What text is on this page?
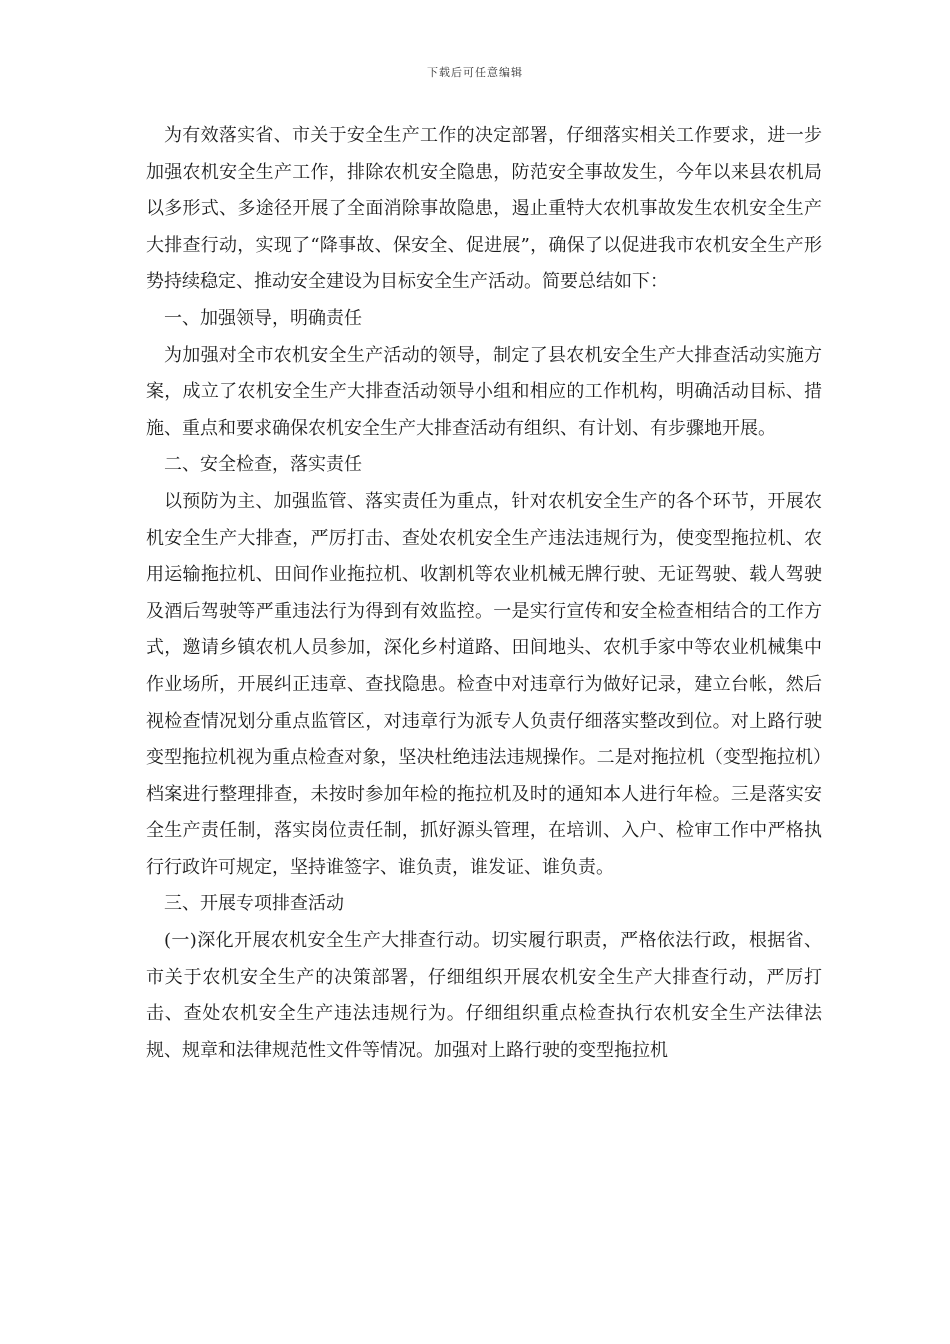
下载后可任意编辑

为有效落实省、市关于安全生产工作的决定部署，仔细落实相关工作要求，进一步加强农机安全生产工作，排除农机安全隐患，防范安全事故发生，今年以来县农机局以多形式、多途径开展了全面消除事故隐患，遏止重特大农机事故发生农机安全生产大排查行动，实现了“降事故、保安全、促进展”，确保了以促进我市农机安全生产形势持续稳定、推动安全建设为目标安全生产活动。简要总结如下：

一、加强领导，明确责任

为加强对全市农机安全生产活动的领导，制定了县农机安全生产大排查活动实施方案，成立了农机安全生产大排查活动领导小组和相应的工作机构，明确活动目标、措施、重点和要求确保农机安全生产大排查活动有组织、有计划、有步骤地开展。

二、安全检查，落实责任

以预防为主、加强监管、落实责任为重点，针对农机安全生产的各个环节，开展农机安全生产大排查，严厉打击、查处农机安全生产违法违规行为，使变型拖拉机、农用运输拖拉机、田间作业拖拉机、收割机等农业机械无牌行驶、无证驾驶、载人驾驶及酒后驾驶等严重违法行为得到有效监控。一是实行宣传和安全检查相结合的工作方式，邀请乡镇农机人员参加，深化乡村道路、田间地头、农机手家中等农业机械集中作业场所，开展纠正违章、查找隐患。检查中对违章行为做好记录，建立台帐，然后视检查情况划分重点监管区，对违章行为派专人负责仔细落实整改到位。对上路行驶变型拖拉机视为重点检查对象，坚决杜绝违法违规操作。二是对拖拉机（变型拖拉机）档案进行整理排查，未按时参加年检的拖拉机及时的通知本人进行年检。三是落实安全生产责任制，落实岗位责任制，抓好源头管理，在培训、入户、检审工作中严格执行行政许可规定，坚持谁签字、谁负责，谁发证、谁负责。

三、开展专项排查活动

(一)深化开展农机安全生产大排查行动。切实履行职责，严格依法行政，根据省、市关于农机安全生产的决策部署，仔细组织开展农机安全生产大排查行动，严厉打击、查处农机安全生产违法违规行为。仔细组织重点检查执行农机安全生产法律法规、规章和法律规范性文件等情况。加强对上路行驶的变型拖拉机
